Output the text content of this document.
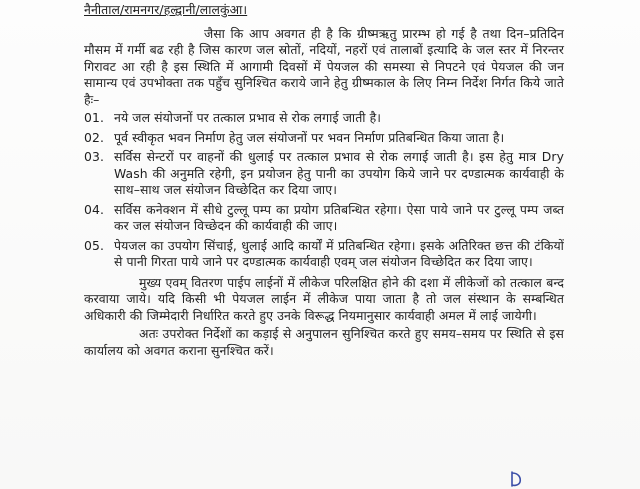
नैनीताल/रामनगर/हल्द्वानी/लालकुंआ।

जैसा कि आप अवगत ही है कि ग्रीष्मऋतु प्रारम्भ हो गई है तथा दिन–प्रतिदिन मौसम में गर्मी बढ रही है जिस कारण जल स्रोतों, नदियों, नहरों एवं तालाबों इत्यादि के जल स्तर में निरन्तर गिरावट आ रही है इस स्थिति में आगामी दिवसों में पेयजल की समस्या से निपटने एवं पेयजल की जन सामान्य एवं उपभोक्ता तक पहुँच सुनिश्चित कराये जाने हेतु ग्रीष्मकाल के लिए निम्न निर्देश निर्गत किये जाते हैः–

01. नये जल संयोजनों पर तत्काल प्रभाव से रोक लगाई जाती है।
02. पूर्व स्वीकृत भवन निर्माण हेतु जल संयोजनों पर भवन निर्माण प्रतिबन्धित किया जाता है।
03. सर्विस सेन्टरों पर वाहनों की धुलाई पर तत्काल प्रभाव से रोक लगाई जाती है। इस हेतु मात्र Dry Wash की अनुमति रहेगी, इन प्रयोजन हेतु पानी का उपयोग किये जाने पर दण्डात्मक कार्यवाही के साथ–साथ जल संयोजन विच्छेदित कर दिया जाए।
04. सर्विस कनेक्शन में सीधे टुल्लू पम्प का प्रयोग प्रतिबन्धित रहेगा। ऐसा पाये जाने पर टुल्लू पम्प जब्त कर जल संयोजन विच्छेदन की कार्यवाही की जाए।
05. पेयजल का उपयोग सिंचाई, धुलाई आदि कार्यों में प्रतिबन्धित रहेगा। इसके अतिरिक्त छत्त की टंकियों से पानी गिरता पाये जाने पर दण्डात्मक कार्यवाही एवम् जल संयोजन विच्छेदित कर दिया जाए।

मुख्य एवम् वितरण पाईप लाईनों में लीकेज परिलक्षित होने की दशा में लीकेजों को तत्काल बन्द करवाया जाये। यदि किसी भी पेयजल लाईन में लीकेज पाया जाता है तो जल संस्थान के सम्बन्धित अधिकारी की जिम्मेदारी निर्धारित करते हुए उनके विरूद्ध नियमानुसार कार्यवाही अमल में लाई जायेगी।

अतः उपरोक्त निर्देशों का कड़ाई से अनुपालन सुनिश्चित करते हुए समय–समय पर स्थिति से इस कार्यालय को अवगत कराना सुनश्चित करें।
